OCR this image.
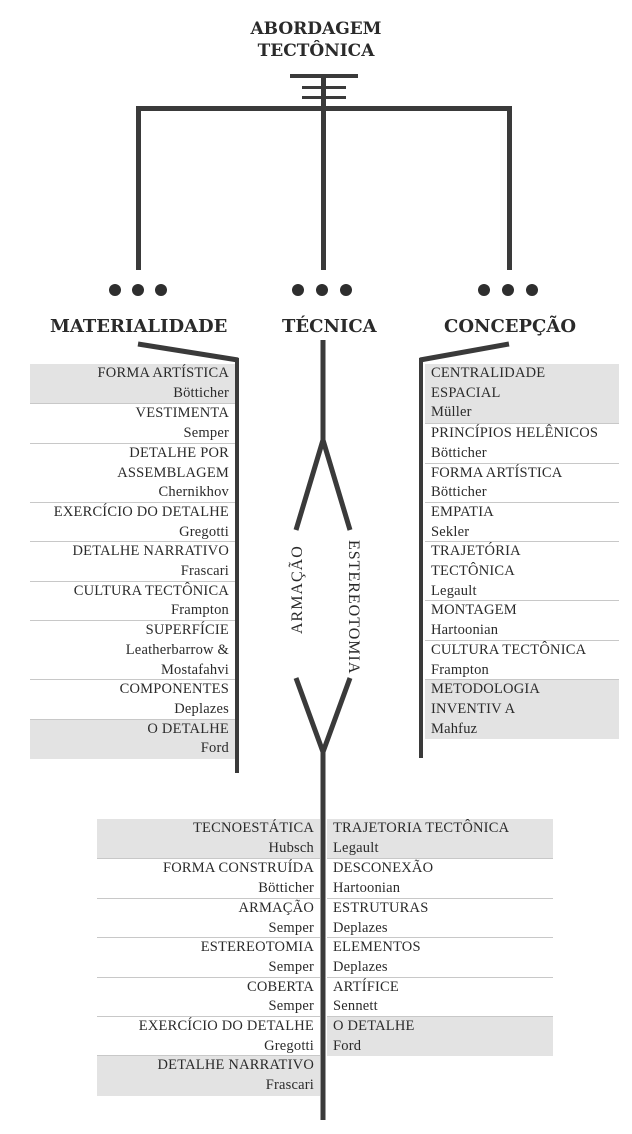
ABORDAGEM
TECTÔNICA
MATERIALIDADE	TÉCNICA	CONCEPÇÃO
ARMAÇÃO ESTEREOTOMIA
FORMA ARTÍSTICA
Bötticher
VESTIMENTA
Semper
DETALHE POR
ASSEMBLAGEM
Chernikhov
EXERCÍCIO DO DETALHE
Gregotti
DETALHE NARRATIVO
Frascari
CULTURA TECTÔNICA
Frampton
SUPERFÍCIE
Leatherbarrow &
Mostafahvi
COMPONENTES
Deplazes
O DETALHE
Ford
CENTRALIDADE
ESPACIAL
Müller
PRINCÍPIOS HELÊNICOS
Bötticher
FORMA ARTÍSTICA
Bötticher
EMPATIA
Sekler
TRAJETÓRIA
TECTÔNICA
Legault
MONTAGEM
Hartoonian
CULTURA TECTÔNICA
Frampton
METODOLOGIA
INVENTIV A
Mahfuz
TECNOESTÁTICA
Hubsch
FORMA CONSTRUÍDA
Bötticher
ARMAÇÃO
Semper
ESTEREOTOMIA
Semper
COBERTA
Semper
EXERCÍCIO DO DETALHE
Gregotti
DETALHE NARRATIVO
Frascari
TRAJETORIA TECTÔNICA
Legault
DESCONEXÃO
Hartoonian
ESTRUTURAS
Deplazes
ELEMENTOS
Deplazes
ARTÍFICE
Sennett
O DETALHE
Ford
